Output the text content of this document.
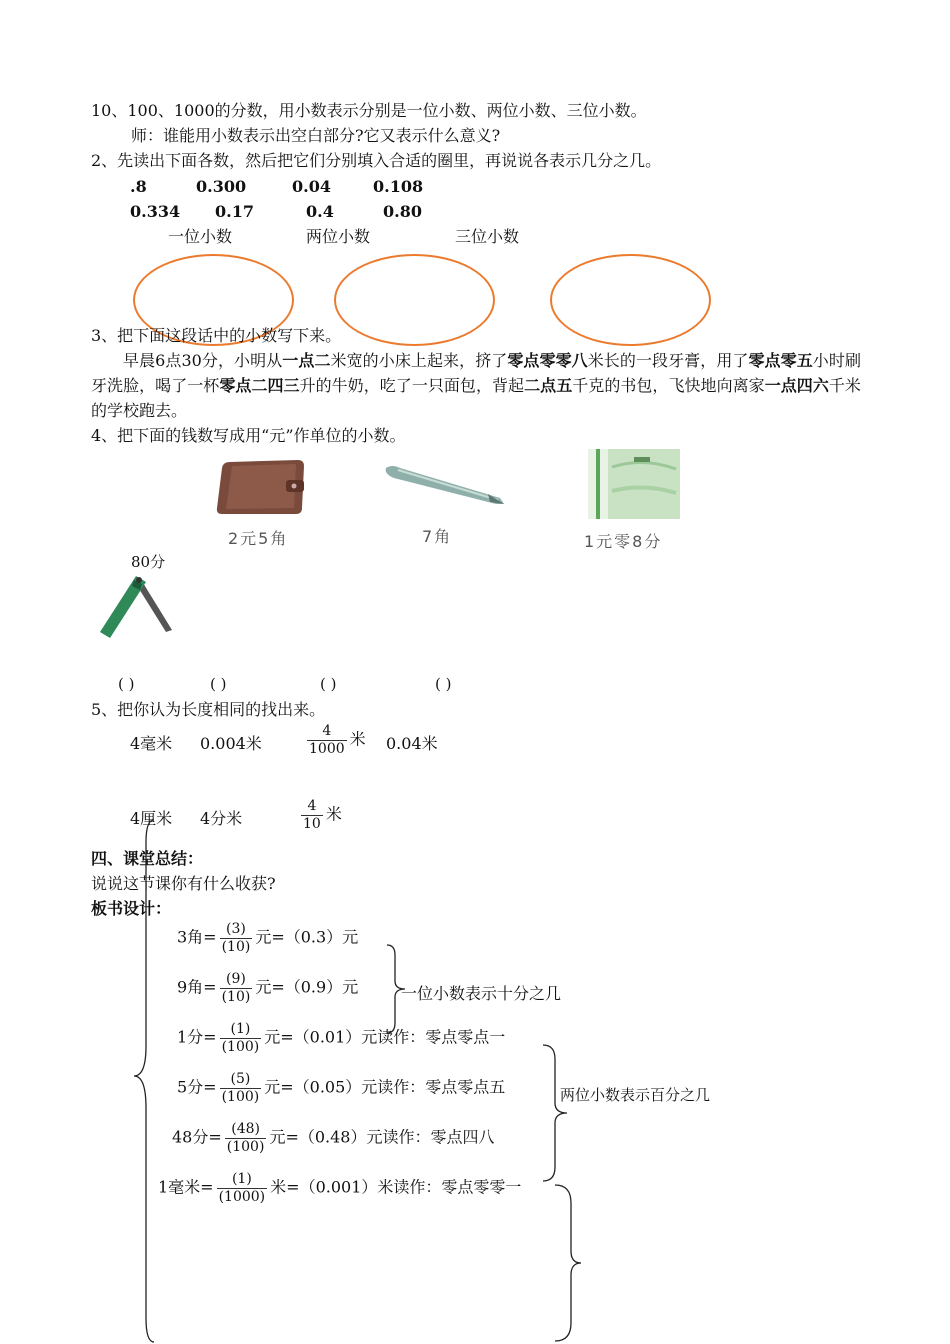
10、100、1000的分数，用小数表示分别是一位小数、两位小数、三位小数。
师：谁能用小数表示出空白部分?它又表示什么意义?
2、先读出下面各数，然后把它们分别填入合适的圈里，再说说各表示几分之几。
.8	0.300	0.04	0.108
0.334 0.17	0.4	0.80
一位小数	两位小数	三位小数
3、把下面这段话中的小数写下来。
早晨6点30分，小明从一点二米宽的小床上起来，挤了零点零零八米长的一段牙膏，用了零点零五小时刷牙洗脸，喝了一杯零点二四三升的牛奶，吃了一只面包，背起二点五千克的书包，飞快地向离家一点四六千米的学校跑去。
4、把下面的钱数写成用“元”作单位的小数。
2元5角	7角	1元零8分
80分
( )	( )	( )	( )
5、把你认为长度相同的找出来。
4毫米 0.004米	$\frac{4}{1000}$ 米 0.04米
4厘米 4分米	$\frac{4}{10}$ 米
四、课堂总结：
说说这节课你有什么收获?
板书设计：
3角= $\frac{(3)}{(10)}$ 元=（0.3）元
9角= $\frac{(9)}{(10)}$ 元=（0.9）元
1分= $\frac{(1)}{(100)}$ 元=（0.01）元读作：零点零点一
5分= $\frac{(5)}{(100)}$ 元=（0.05）元读作：零点零点五
48分= $\frac{(48)}{(100)}$ 元=（0.48）元读作：零点四八
1毫米= $\frac{(1)}{(1000)}$ 米=（0.001）米读作：零点零零一
一位小数表示十分之几
两位小数表示百分之几
